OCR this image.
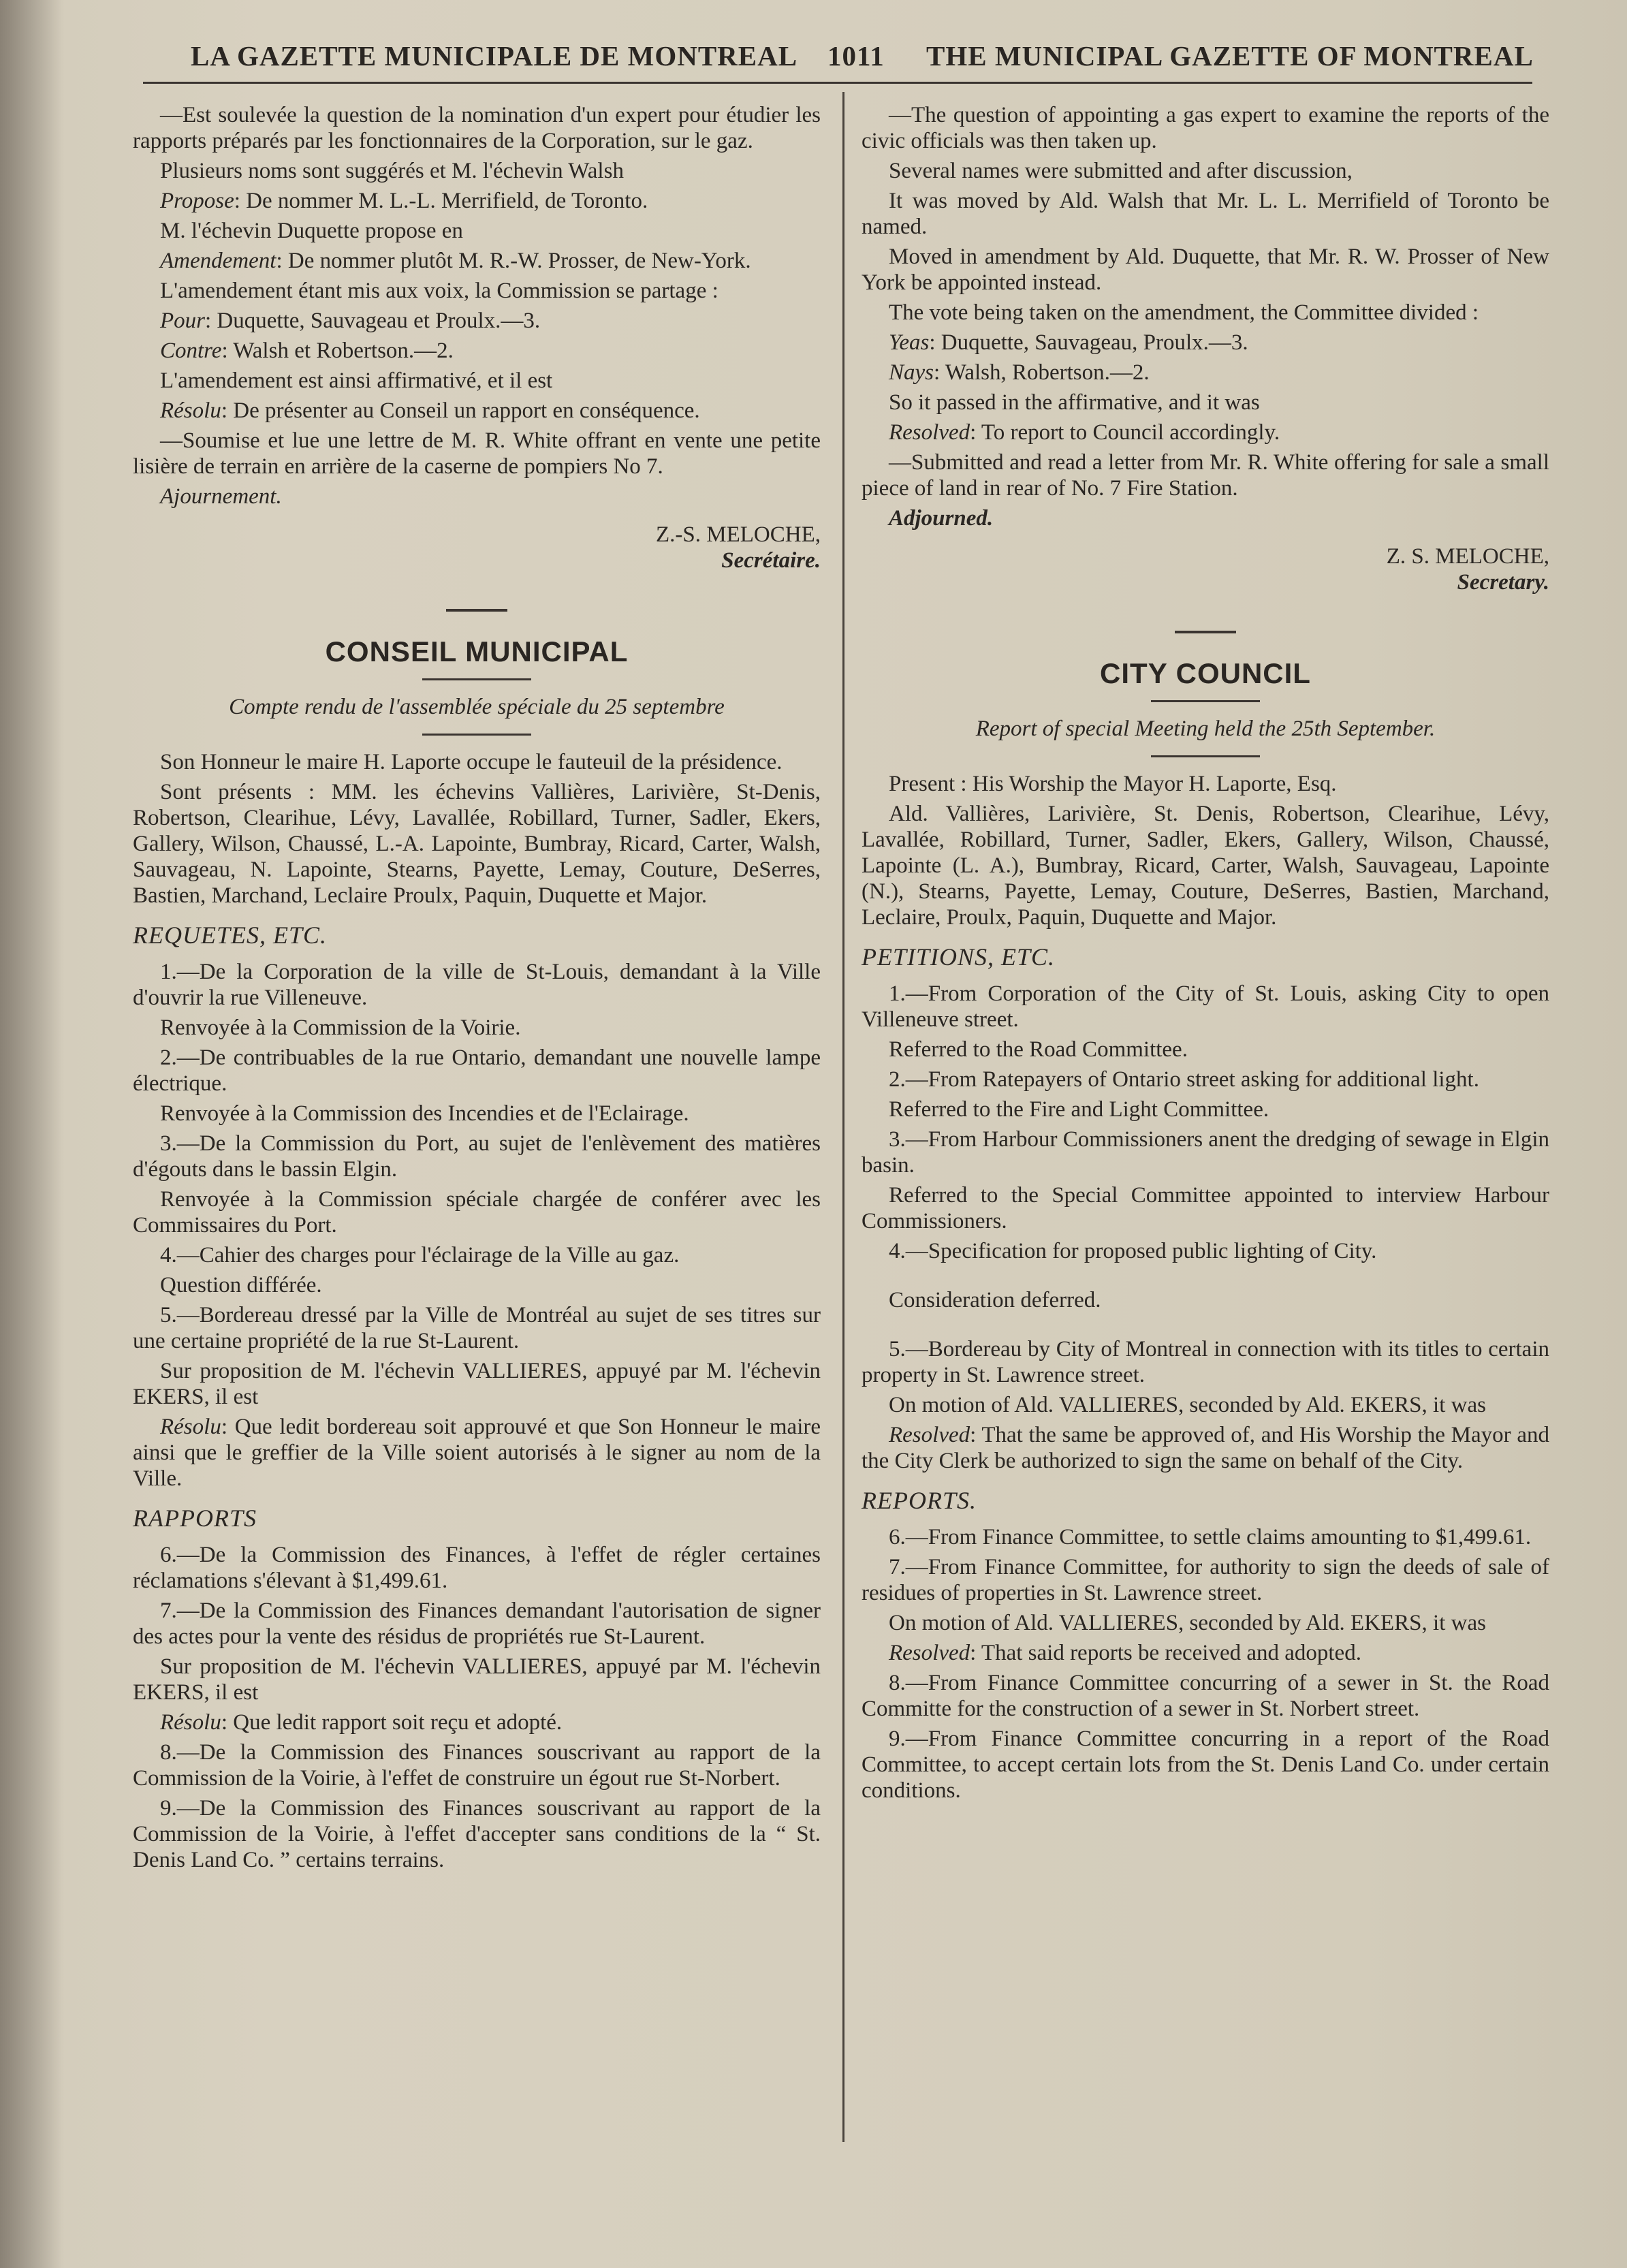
LA GAZETTE MUNICIPALE DE MONTREAL 1011 THE MUNICIPAL GAZETTE OF MONTREAL

—Est soulevée la question de la nomination d'un expert pour étudier les rapports préparés par les fonctionnaires de la Corporation, sur le gaz.

Plusieurs noms sont suggérés et M. l'échevin Walsh

Propose: De nommer M. L.-L. Merrifield, de Toronto.

M. l'échevin Duquette propose en

Amendement: De nommer plutôt M. R.-W. Prosser, de New-York.

L'amendement étant mis aux voix, la Commission se partage :

Pour: Duquette, Sauvageau et Proulx.—3.

Contre: Walsh et Robertson.—2.

L'amendement est ainsi affirmativé, et il est

Résolu: De présenter au Conseil un rapport en conséquence.

—Soumise et lue une lettre de M. R. White offrant en vente une petite lisière de terrain en arrière de la caserne de pompiers No 7.

Ajournement.

Z.-S. MELOCHE,
Secrétaire.
CONSEIL MUNICIPAL

Compte rendu de l'assemblée spéciale du 25 septembre

Son Honneur le maire H. Laporte occupe le fauteuil de la présidence.

Sont présents : MM. les échevins Vallières, Larivière, St-Denis, Robertson, Clearihue, Lévy, Lavallée, Robillard, Turner, Sadler, Ekers, Gallery, Wilson, Chaussé, L.-A. Lapointe, Bumbray, Ricard, Carter, Walsh, Sauvageau, N. Lapointe, Stearns, Payette, Lemay, Couture, DeSerres, Bastien, Marchand, Leclaire Proulx, Paquin, Duquette et Major.

REQUETES, ETC.

1.—De la Corporation de la ville de St-Louis, demandant à la Ville d'ouvrir la rue Villeneuve.

Renvoyée à la Commission de la Voirie.

2.—De contribuables de la rue Ontario, demandant une nouvelle lampe électrique.

Renvoyée à la Commission des Incendies et de l'Eclairage.

3.—De la Commission du Port, au sujet de l'enlèvement des matières d'égouts dans le bassin Elgin.

Renvoyée à la Commission spéciale chargée de conférer avec les Commissaires du Port.

4.—Cahier des charges pour l'éclairage de la Ville au gaz.

Question différée.

5.—Bordereau dressé par la Ville de Montréal au sujet de ses titres sur une certaine propriété de la rue St-Laurent.

Sur proposition de M. l'échevin VALLIERES, appuyé par M. l'échevin EKERS, il est

Résolu: Que ledit bordereau soit approuvé et que Son Honneur le maire ainsi que le greffier de la Ville soient autorisés à le signer au nom de la Ville.

RAPPORTS

6.—De la Commission des Finances, à l'effet de régler certaines réclamations s'élevant à $1,499.61.

7.—De la Commission des Finances demandant l'autorisation de signer des actes pour la vente des résidus de propriétés rue St-Laurent.

Sur proposition de M. l'échevin VALLIERES, appuyé par M. l'échevin EKERS, il est

Résolu: Que ledit rapport soit reçu et adopté.

8.—De la Commission des Finances souscrivant au rapport de la Commission de la Voirie, à l'effet de construire un égout rue St-Norbert.

9.—De la Commission des Finances souscrivant au rapport de la Commission de la Voirie, à l'effet d'accepter sans conditions de la “ St. Denis Land Co. ” certains terrains.

—The question of appointing a gas expert to examine the reports of the civic officials was then taken up.

Several names were submitted and after discussion,

It was moved by Ald. Walsh that Mr. L. L. Merrifield of Toronto be named.

Moved in amendment by Ald. Duquette, that Mr. R. W. Prosser of New York be appointed instead.

The vote being taken on the amendment, the Committee divided :

Yeas: Duquette, Sauvageau, Proulx.—3.

Nays: Walsh, Robertson.—2.

So it passed in the affirmative, and it was

Resolved: To report to Council accordingly.

—Submitted and read a letter from Mr. R. White offering for sale a small piece of land in rear of No. 7 Fire Station.

Adjourned.

Z. S. MELOCHE,
Secretary.
CITY COUNCIL

Report of special Meeting held the 25th September.

Present : His Worship the Mayor H. Laporte, Esq.

Ald. Vallières, Larivière, St. Denis, Robertson, Clearihue, Lévy, Lavallée, Robillard, Turner, Sadler, Ekers, Gallery, Wilson, Chaussé, Lapointe (L. A.), Bumbray, Ricard, Carter, Walsh, Sauvageau, Lapointe (N.), Stearns, Payette, Lemay, Couture, DeSerres, Bastien, Marchand, Leclaire, Proulx, Paquin, Duquette and Major.

PETITIONS, ETC.

1.—From Corporation of the City of St. Louis, asking City to open Villeneuve street.

Referred to the Road Committee.

2.—From Ratepayers of Ontario street asking for additional light.

Referred to the Fire and Light Committee.

3.—From Harbour Commissioners anent the dredging of sewage in Elgin basin.

Referred to the Special Committee appointed to interview Harbour Commissioners.

4.—Specification for proposed public lighting of City.

Consideration deferred.

5.—Bordereau by City of Montreal in connection with its titles to certain property in St. Lawrence street.

On motion of Ald. VALLIERES, seconded by Ald. EKERS, it was

Resolved: That the same be approved of, and His Worship the Mayor and the City Clerk be authorized to sign the same on behalf of the City.

REPORTS.

6.—From Finance Committee, to settle claims amounting to $1,499.61.

7.—From Finance Committee, for authority to sign the deeds of sale of residues of properties in St. Lawrence street.

On motion of Ald. VALLIERES, seconded by Ald. EKERS, it was

Resolved: That said reports be received and adopted.

8.—From Finance Committee concurring of a sewer in St. the Road Committe for the construction of a sewer in St. Norbert street.

9.—From Finance Committee concurring in a report of the Road Committee, to accept certain lots from the St. Denis Land Co. under certain conditions.
